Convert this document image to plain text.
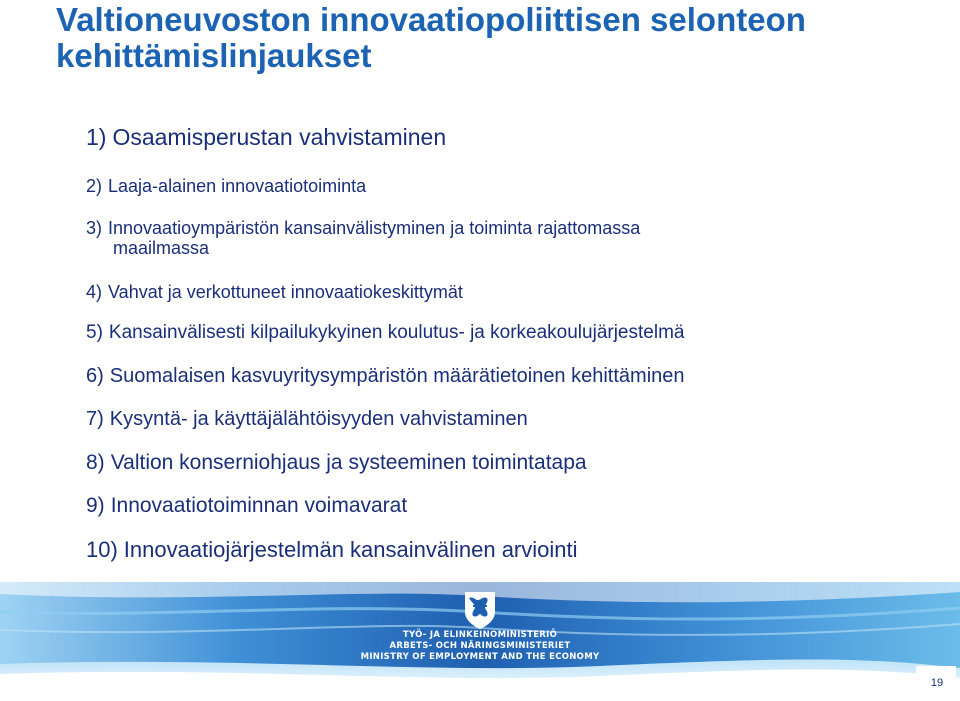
Valtioneuvoston innovaatiopoliittisen selonteon
kehittämislinjaukset
1) Osaamisperustan vahvistaminen
2) Laaja-alainen innovaatiotoiminta
3) Innovaatioympäristön kansainvälistyminen ja toiminta rajattomassa
maailmassa
4) Vahvat ja verkottuneet innovaatiokeskittymät
5) Kansainvälisesti kilpailukykyinen koulutus- ja korkeakoulujärjestelmä
6) Suomalaisen kasvuyritysympäristön määrätietoinen kehittäminen
7) Kysyntä- ja käyttäjälähtöisyyden vahvistaminen
8) Valtion konserniohjaus ja systeeminen toimintatapa
9) Innovaatiotoiminnan voimavarat
10) Innovaatiojärjestelmän kansainvälinen arviointi
TYÖ- JA ELINKEINOMINISTERIÖ
ARBETS- OCH NÄRINGSMINISTERIET
MINISTRY OF EMPLOYMENT AND THE ECONOMY
19
